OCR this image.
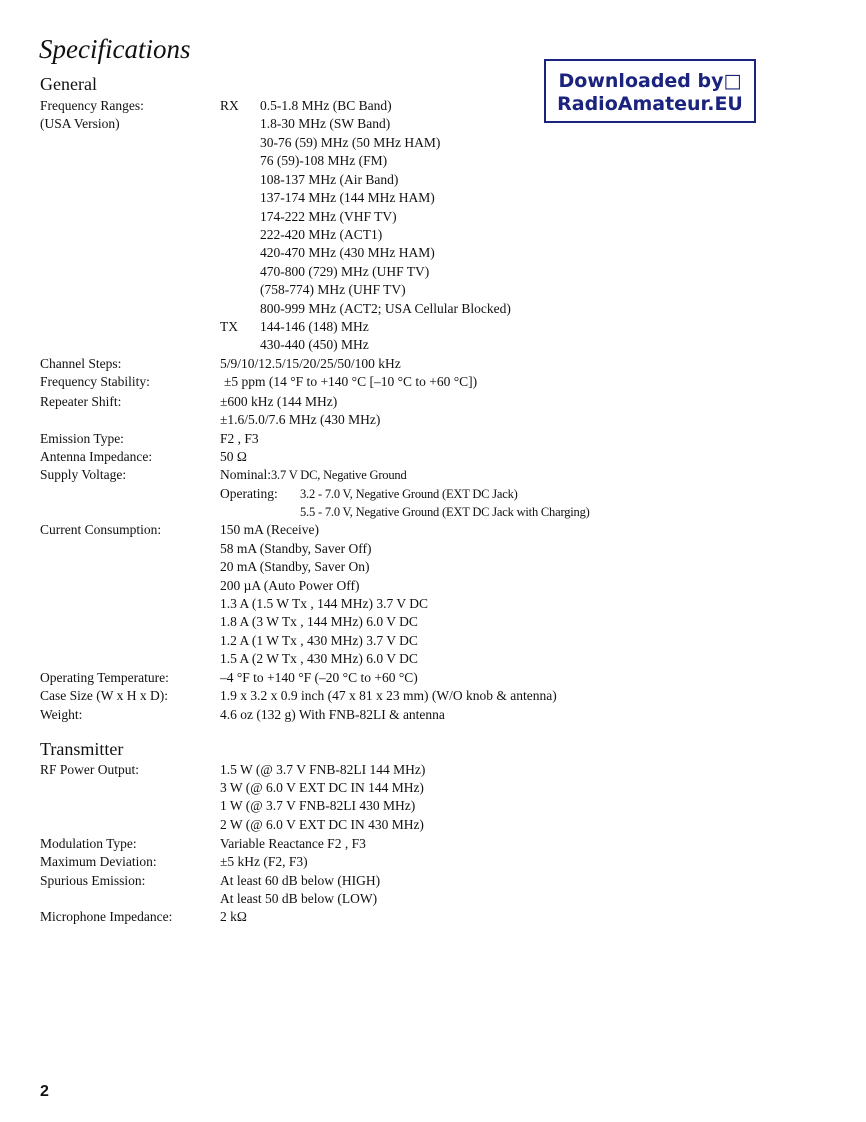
Specifications
Downloaded by□
RadioAmateur.EU
General
Frequency Ranges:
(USA Version)
RX 0.5-1.8 MHz (BC Band)
1.8-30 MHz (SW Band)
30-76 (59) MHz (50 MHz HAM)
76 (59)-108 MHz (FM)
108-137 MHz (Air Band)
137-174 MHz (144 MHz HAM)
174-222 MHz (VHF TV)
222-420 MHz (ACT1)
420-470 MHz (430 MHz HAM)
470-800 (729) MHz (UHF TV)
(758-774) MHz (UHF TV)
800-999 MHz (ACT2; USA Cellular Blocked)
TX 144-146 (148) MHz
430-440 (450) MHz
Channel Steps:	5/9/10/12.5/15/20/25/50/100 kHz
Frequency Stability:	±5 ppm (14 °F to +140 °C [–10 °C to +60 °C])
Repeater Shift:	±600 kHz (144 MHz)
±1.6/5.0/7.6 MHz (430 MHz)
Emission Type:	F2 , F3
Antenna Impedance:	50 Ω
Supply Voltage:	Nominal:3.7 V DC, Negative Ground
Operating: 3.2 - 7.0 V, Negative Ground (EXT DC Jack)
5.5 - 7.0 V, Negative Ground (EXT DC Jack with Charging)
Current Consumption:	150 mA (Receive)
58 mA (Standby, Saver Off)
20 mA (Standby, Saver On)
200 µA (Auto Power Off)
1.3 A (1.5 W Tx , 144 MHz) 3.7 V DC
1.8 A (3 W Tx , 144 MHz) 6.0 V DC
1.2 A (1 W Tx , 430 MHz) 3.7 V DC
1.5 A (2 W Tx , 430 MHz) 6.0 V DC
Operating Temperature:	–4 °F to +140 °F (–20 °C to +60 °C)
Case Size (W x H x D):	1.9 x 3.2 x 0.9 inch (47 x 81 x 23 mm) (W/O knob & antenna)
Weight:	4.6 oz (132 g) With FNB-82LI & antenna
Transmitter
RF Power Output:	1.5 W (@ 3.7 V FNB-82LI 144 MHz)
3 W (@ 6.0 V EXT DC IN 144 MHz)
1 W (@ 3.7 V FNB-82LI 430 MHz)
2 W (@ 6.0 V EXT DC IN 430 MHz)
Modulation Type:	Variable Reactance F2 , F3
Maximum Deviation:	±5 kHz (F2, F3)
Spurious Emission:	At least 60 dB below (HIGH)
At least 50 dB below (LOW)
Microphone Impedance:	2 kΩ
2
